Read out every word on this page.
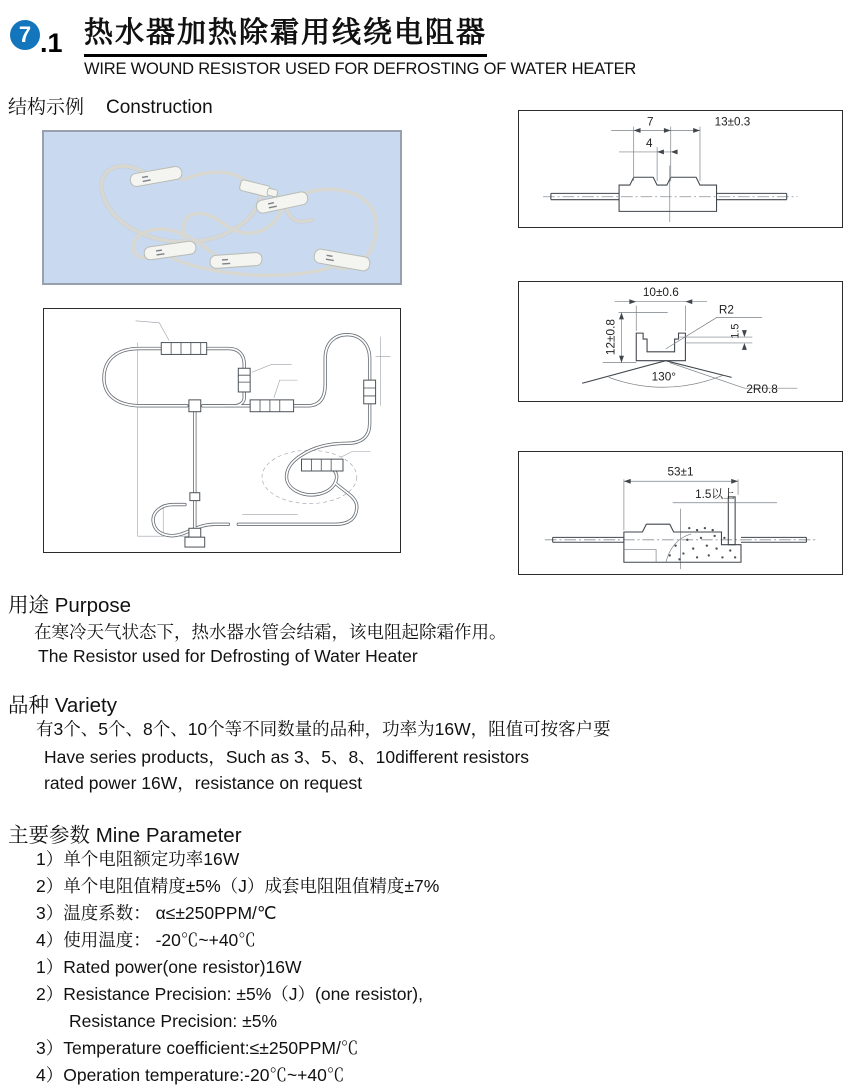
7 .1 热水器加热除霜用线绕电阻器
WIRE WOUND RESISTOR USED FOR DEFROSTING OF WATER HEATER
结构示例 Construction
7	13±0.3
4
10±0.6
12±0.8
R2
1.5
130°
2R0.8
53±1
1.5以上
用途 Purpose
在寒冷天气状态下，热水器水管会结霜，该电阻起除霜作用。
The Resistor used for Defrosting of Water Heater
品种 Variety
有3个、5个、8个、10个等不同数量的品种，功率为16W，阻值可按客户要
Have series products，Such as 3、5、8、10different resistors
rated power 16W，resistance on request
主要参数 Mine Parameter
1）单个电阻额定功率16W
2）单个电阻值精度±5%（J）成套电阻阻值精度±7%
3）温度系数： α≤±250PPM/℃
4）使用温度： -20℃~+40℃
1）Rated power(one resistor)16W
2）Resistance Precision: ±5%（J）(one resistor),
Resistance Precision: ±5%
3）Temperature coefficient:≤±250PPM/℃
4）Operation temperature:-20℃~+40℃
